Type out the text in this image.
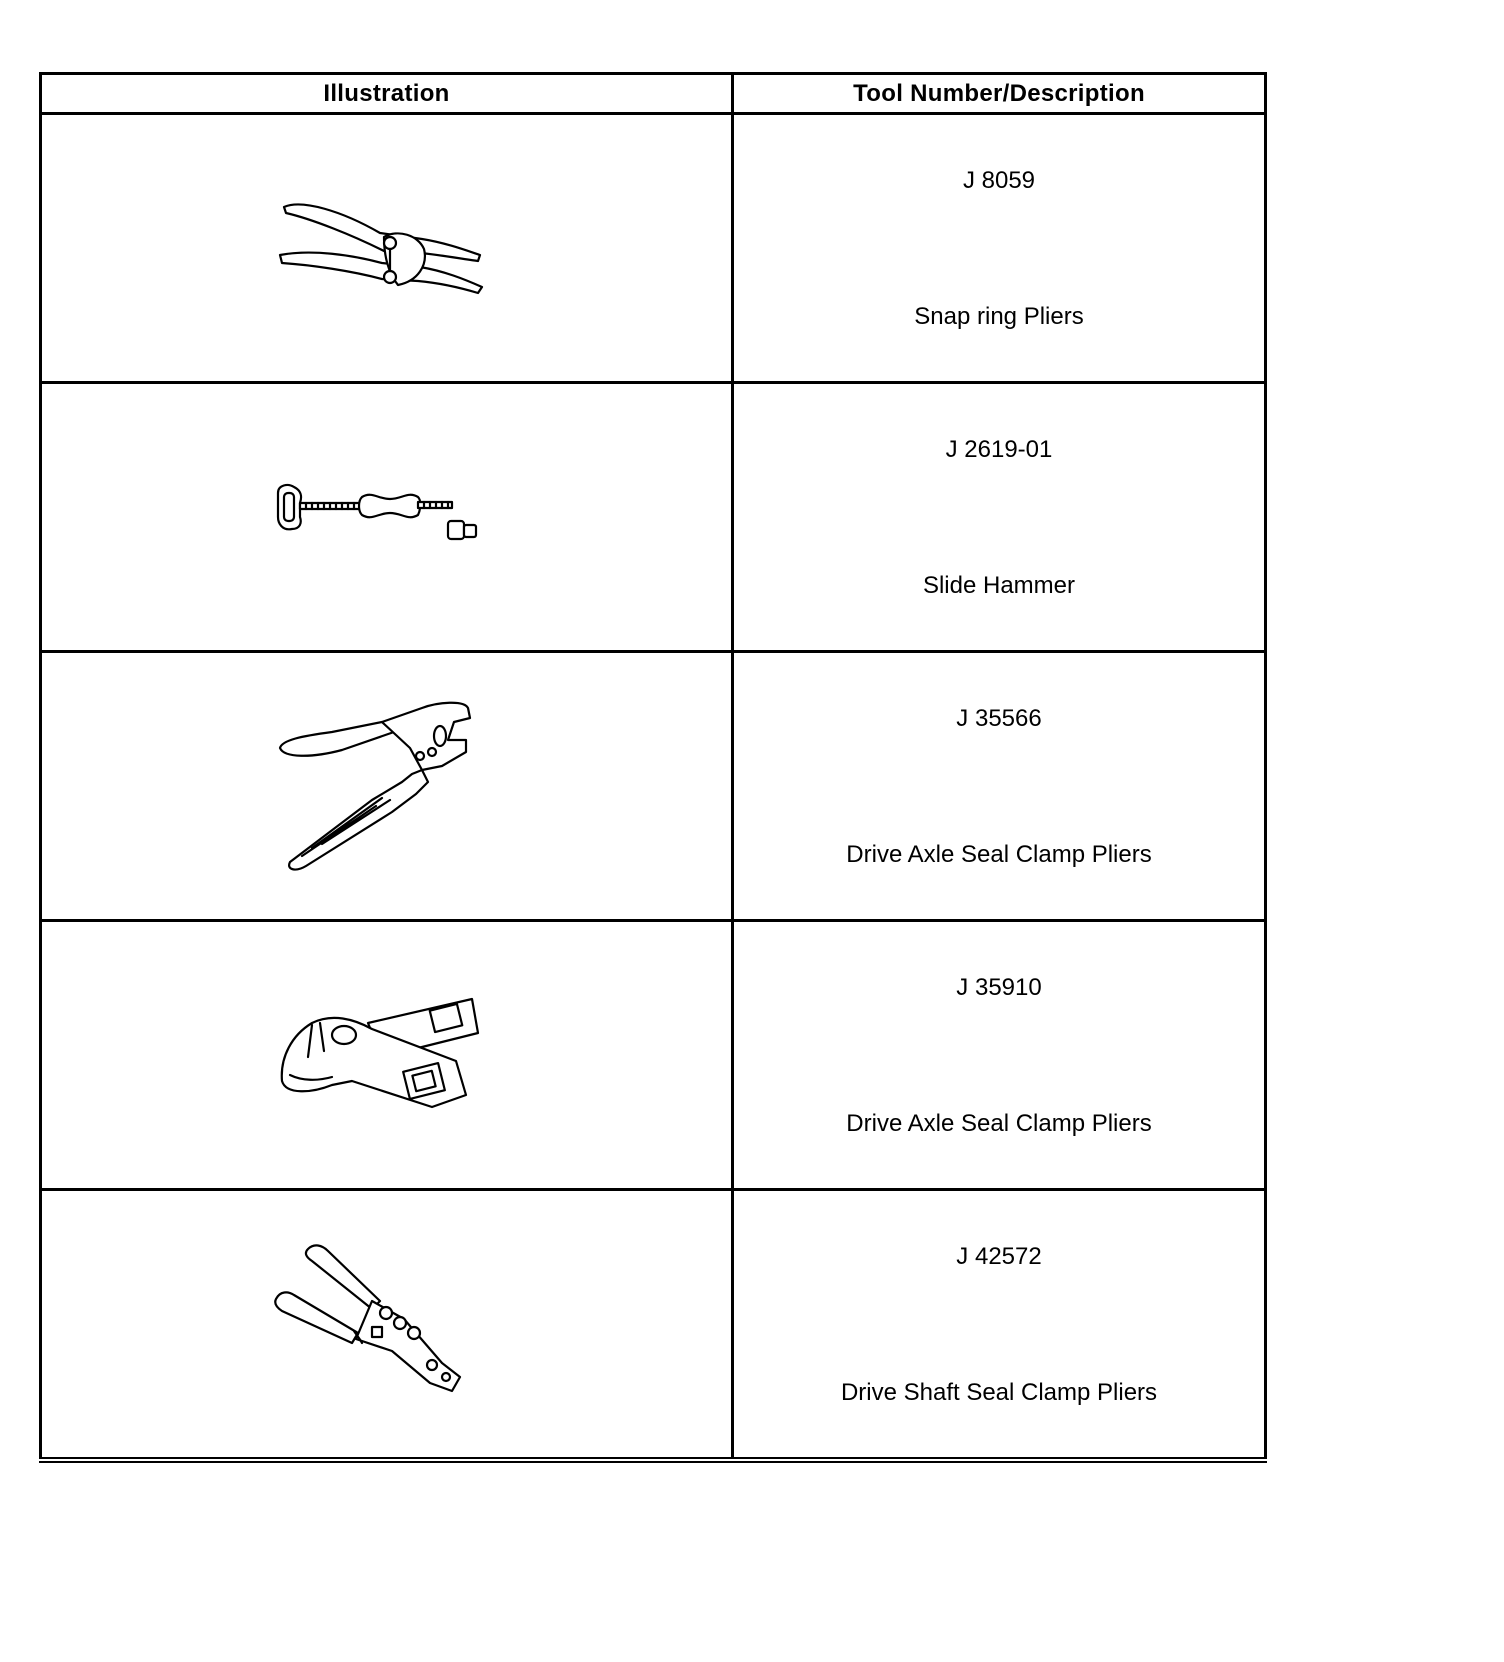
Illustration	Tool Number/Description

J 8059
Snap ring Pliers

J 2619-01
Slide Hammer

J 35566
Drive Axle Seal Clamp Pliers

J 35910
Drive Axle Seal Clamp Pliers

J 42572
Drive Shaft Seal Clamp Pliers
